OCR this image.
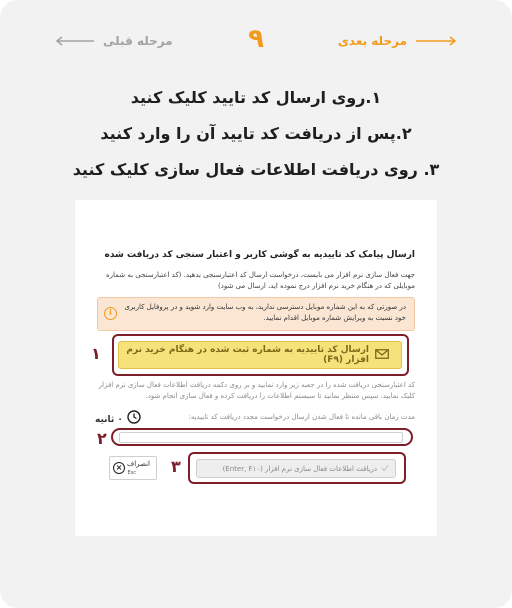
مرحله قبلی	۹	مرحله بعدی

۱.روی ارسال کد تایید کلیک کنید

۲.پس از دریافت کد تایید آن را وارد کنید

۳. روی دریافت اطلاعات فعال سازی کلیک کنید

ارسال پیامک کد تاییدیه به گوشی کاربر و اعتبار سنجی کد دریافت شده
جهت فعال سازی نرم افزار می بایست، درخواست ارسال کد اعتبارسنجی بدهید. (کد اعتبارسنجی به شماره موبایلی که در هنگام خرید نرم افزار درج نموده اید، ارسال می شود)
در صورتی که به این شماره موبایل دسترسی ندارید، به وب سایت وارد شوید و در پروفایل کاربری خود نسبت به ویرایش شماره موبایل اقدام نمایید.
i
۱	ارسال کد تاییدیه به شماره ثبت شده در هنگام خرید نرم افزار (F۹)
کد اعتبارسنجی دریافت شده را در جعبه زیر وارد نمایید و بر روی دکمه دریافت اطلاعات فعال سازی نرم افزار کلیک نمایید. سپس منتظر بمانید تا سیستم اطلاعات را دریافت کرده و فعال سازی انجام شود.
مدت زمان باقی مانده تا فعال شدن ارسال درخواست مجدد دریافت کد تاییدیه:
۰ ثانیه
۲
انصراف
Esc
×	۳	دریافت اطلاعات فعال سازی نرم افزار (Enter, F۱۰)
